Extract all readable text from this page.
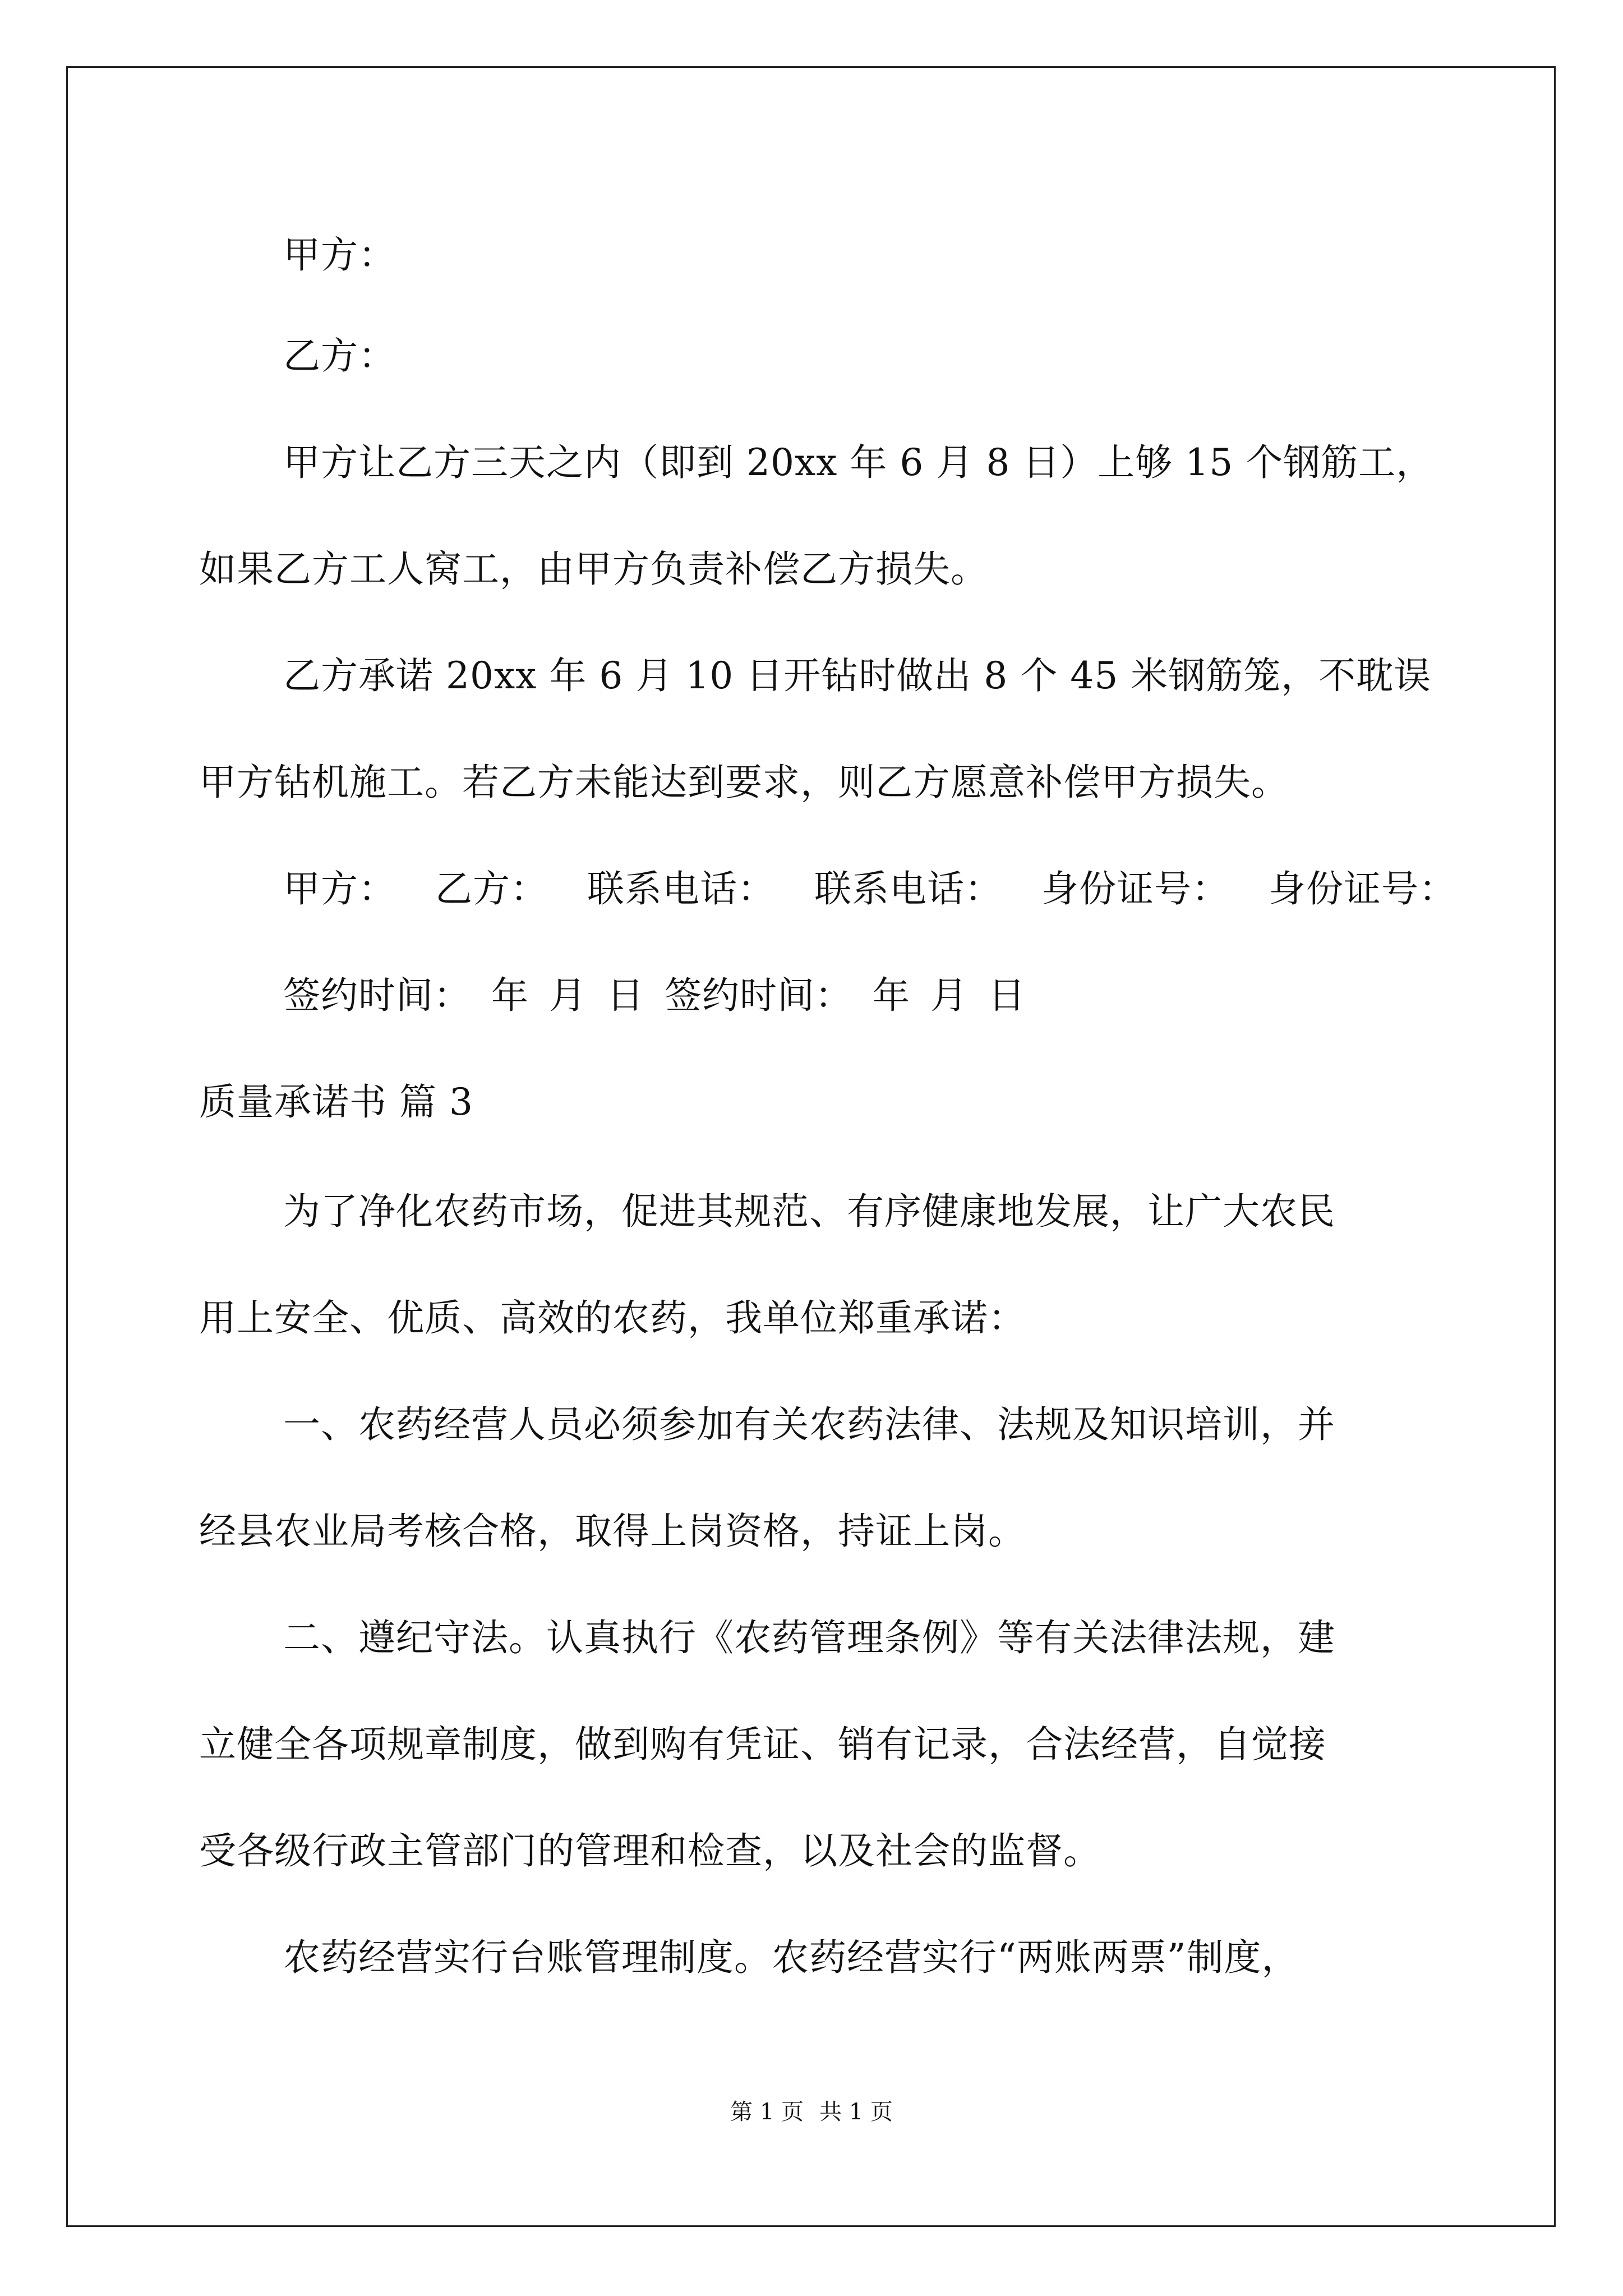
甲方：
乙方：
甲方让乙方三天之内（即到 20xx 年 6 月 8 日）上够 15 个钢筋工，
如果乙方工人窝工，由甲方负责补偿乙方损失。
乙方承诺 20xx 年 6 月 10 日开钻时做出 8 个 45 米钢筋笼，不耽误
甲方钻机施工。若乙方未能达到要求，则乙方愿意补偿甲方损失。
甲方： 乙方： 联系电话： 联系电话： 身份证号： 身份证号：
签约时间： 年 月 日 签约时间： 年 月 日
质量承诺书 篇 3
为了净化农药市场，促进其规范、有序健康地发展，让广大农民
用上安全、优质、高效的农药，我单位郑重承诺：
一、农药经营人员必须参加有关农药法律、法规及知识培训，并
经县农业局考核合格，取得上岗资格，持证上岗。
二、遵纪守法。认真执行《农药管理条例》等有关法律法规，建
立健全各项规章制度，做到购有凭证、销有记录，合法经营，自觉接
受各级行政主管部门的管理和检查，以及社会的监督。
农药经营实行台账管理制度。农药经营实行“两账两票”制度，
第 1 页 共 1 页
